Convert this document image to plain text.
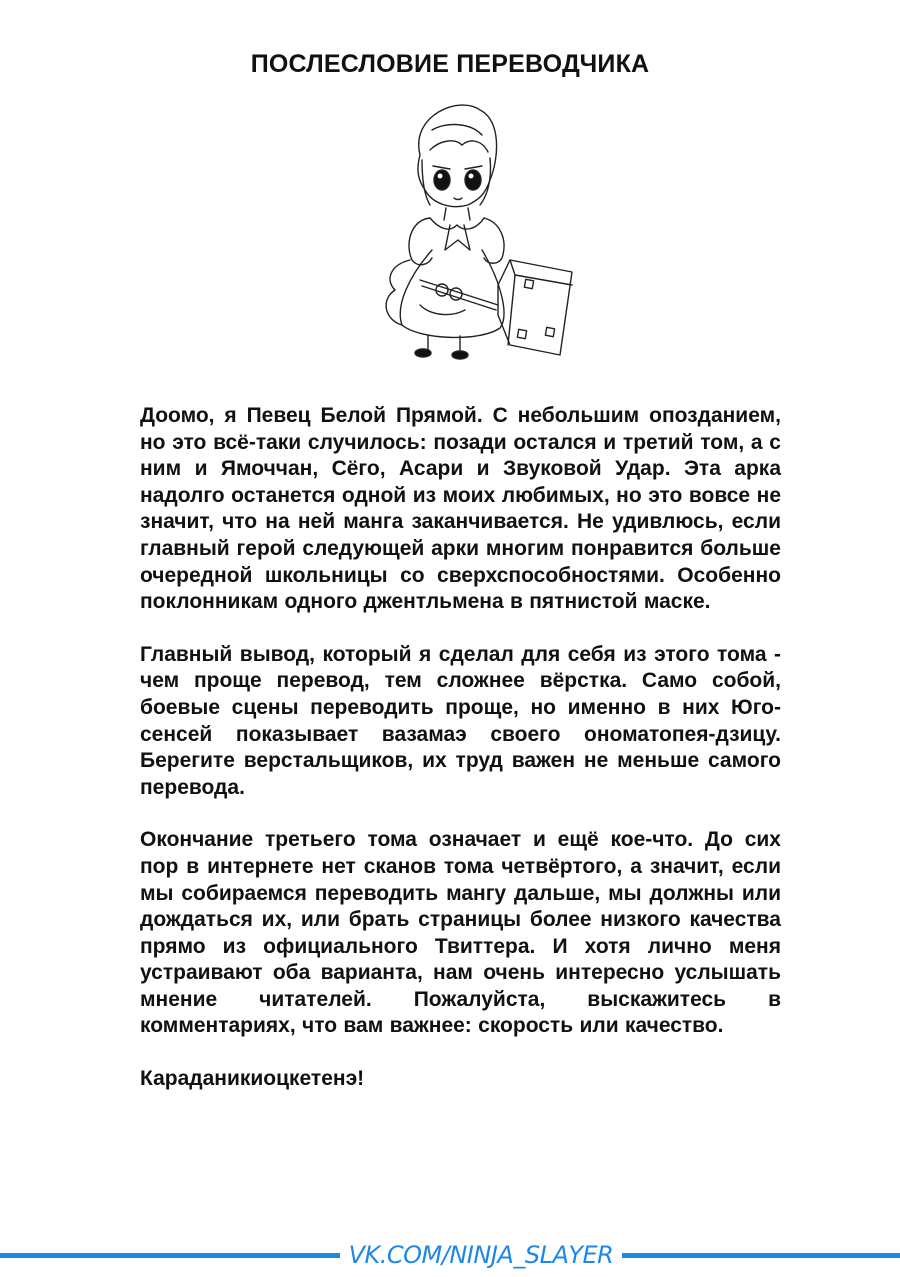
ПОСЛЕСЛОВИЕ ПЕРЕВОДЧИКА

Доомо, я Певец Белой Прямой. С небольшим опозданием, но это всё-таки случилось: позади остался и третий том, а с ним и Ямоччан, Сёго, Асари и Звуковой Удар. Эта арка надолго останется одной из моих любимых, но это вовсе не значит, что на ней манга заканчивается. Не удивлюсь, если главный герой следующей арки многим понравится больше очередной школьницы со сверхспособностями. Особенно поклонникам одного джентльмена в пятнистой маске.

Главный вывод, который я сделал для себя из этого тома - чем проще перевод, тем сложнее вёрстка. Само собой, боевые сцены переводить проще, но именно в них Юго-сенсей показывает вазамаэ своего ономатопея-дзицу. Берегите верстальщиков, их труд важен не меньше самого перевода.

Окончание третьего тома означает и ещё кое-что. До сих пор в интернете нет сканов тома четвёртого, а значит, если мы собираемся переводить мангу дальше, мы должны или дождаться их, или брать страницы более низкого качества прямо из официального Твиттера. И хотя лично меня устраивают оба варианта, нам очень интересно услышать мнение читателей. Пожалуйста, выскажитесь в комментариях, что вам важнее: скорость или качество.

Караданикиоцкетенэ!

VK.COM/NINJA_SLAYER
